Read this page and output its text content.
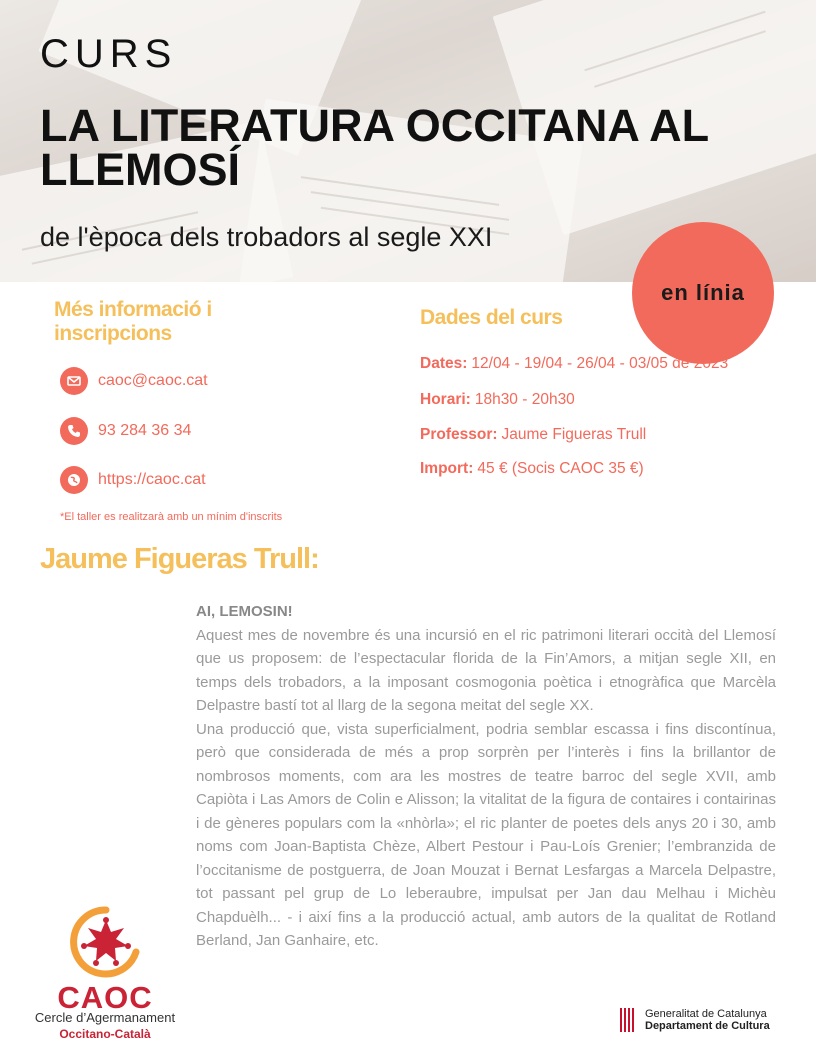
CURS
LA LITERATURA OCCITANA AL LLEMOSÍ
de l'època dels trobadors al segle XXI
en línia
Més informació i inscripcions
caoc@caoc.cat
93 284 36 34
https://caoc.cat
*El taller es realitzarà amb un mínim d'inscrits
Dades del curs
Dates: 12/04 - 19/04 - 26/04 - 03/05 de 2023
Horari: 18h30 - 20h30
Professor: Jaume Figueras Trull
Import: 45 € (Socis CAOC 35 €)
Jaume Figueras Trull:
AI, LEMOSIN!

Aquest mes de novembre és una incursió en el ric patrimoni literari occità del Llemosí que us proposem: de l’espectacular florida de la Fin’Amors, a mitjan segle XII, en temps dels trobadors, a la imposant cosmogonia poètica i etnogràfica que Marcèla Delpastre bastí tot al llarg de la segona meitat del segle XX.

Una producció que, vista superficialment, podria semblar escassa i fins discontínua, però que considerada de més a prop sorprèn per l’interès i fins la brillantor de nombrosos moments, com ara les mostres de teatre barroc del segle XVII, amb Capiòta i Las Amors de Colin e Alisson; la vitalitat de la figura de contaires i contairinas i de gèneres populars com la «nhòrla»; el ric planter de poetes dels anys 20 i 30, amb noms com Joan-Baptista Chèze, Albert Pestour i Pau-Loís Grenier; l’embranzida de l’occitanisme de postguerra, de Joan Mouzat i Bernat Lesfargas a Marcela Delpastre, tot passant pel grup de Lo leberaubre, impulsat per Jan dau Melhau i Michèu Chapduèlh... - i així fins a la producció actual, amb autors de la qualitat de Rotland Berland, Jan Ganhaire, etc.

CAOC
Cercle d’Agermanament
Occitano-Català
Generalitat de Catalunya
Departament de Cultura
